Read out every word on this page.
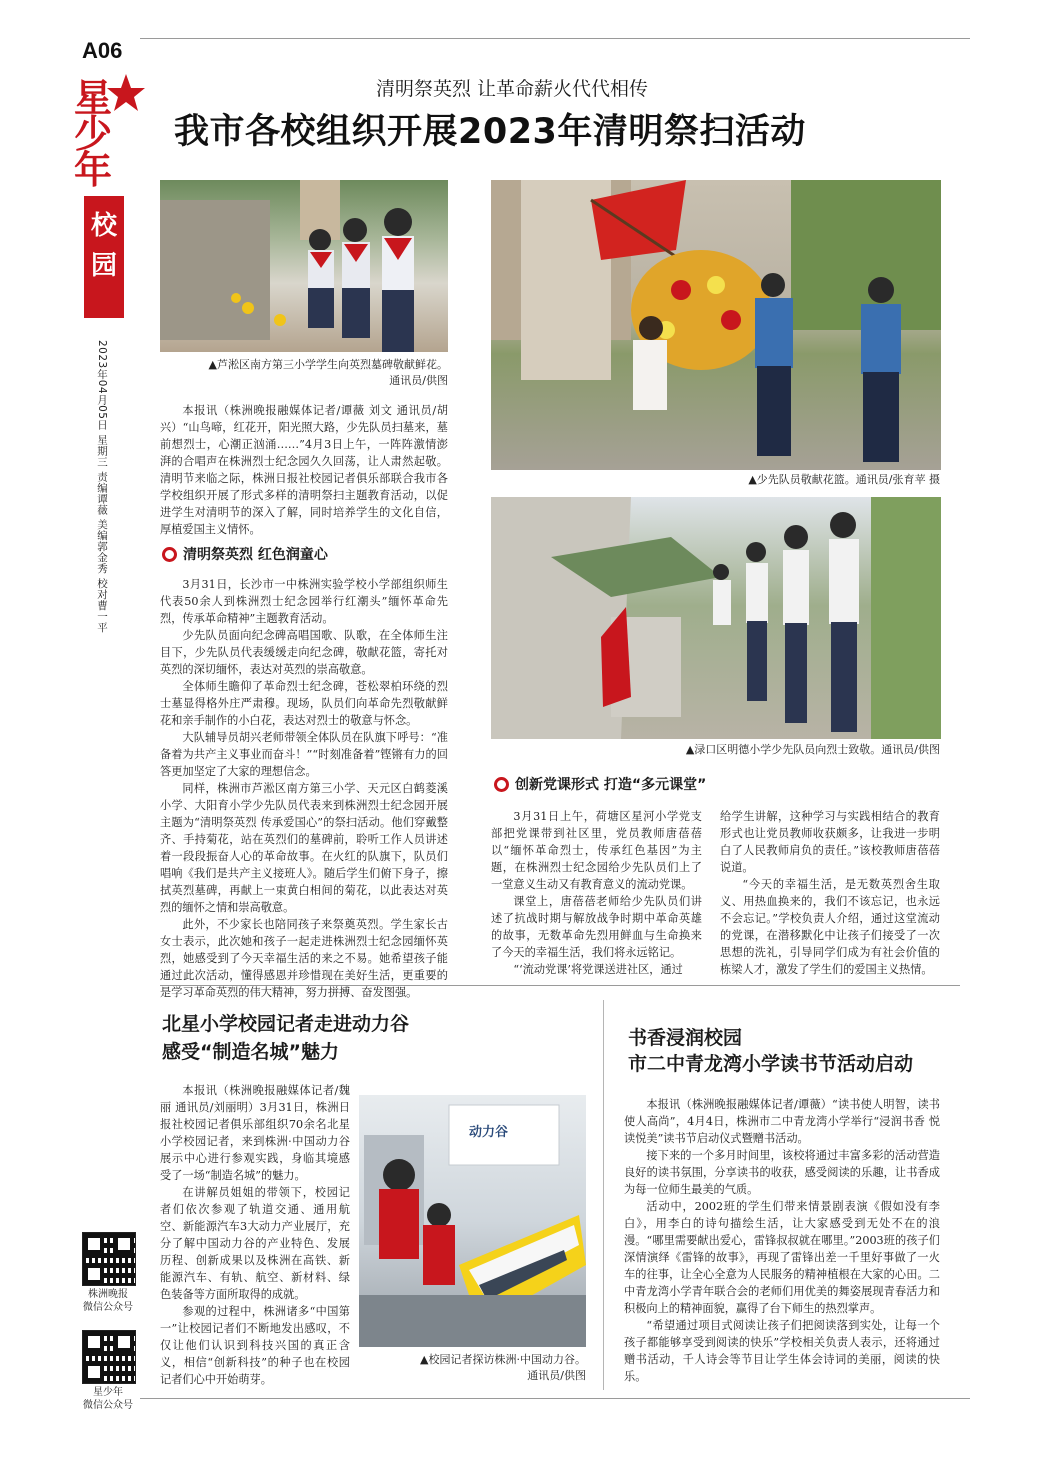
A06
星少年
校园
2023年04月05日 星期三 责编谭薇 美编郭金秀 校对曹一平
株洲晚报
微信公众号
星少年
微信公众号
清明祭英烈 让革命薪火代代相传
我市各校组织开展2023年清明祭扫活动
▲芦淞区南方第三小学学生向英烈墓碑敬献鲜花。
通讯员/供图
▲少先队员敬献花篮。通讯员/张育苹 摄

本报讯（株洲晚报融媒体记者/谭薇 刘文 通讯员/胡兴）“山鸟啼，红花开，阳光照大路，少先队员扫墓来，墓前想烈士，心潮正汹涌……”4月3日上午，一阵阵激情澎湃的合唱声在株洲烈士纪念园久久回荡，让人肃然起敬。清明节来临之际，株洲日报社校园记者俱乐部联合我市各学校组织开展了形式多样的清明祭扫主题教育活动，以促进学生对清明节的深入了解，同时培养学生的文化自信，厚植爱国主义情怀。

清明祭英烈 红色润童心

3月31日，长沙市一中株洲实验学校小学部组织师生代表50余人到株洲烈士纪念园举行红潮头”缅怀革命先烈，传承革命精神”主题教育活动。

少先队员面向纪念碑高唱国歌、队歌，在全体师生注目下，少先队员代表缓缓走向纪念碑，敬献花篮，寄托对英烈的深切缅怀，表达对英烈的崇高敬意。

全体师生瞻仰了革命烈士纪念碑，苍松翠柏环绕的烈士墓显得格外庄严肃穆。现场，队员们向革命先烈敬献鲜花和亲手制作的小白花，表达对烈士的敬意与怀念。

大队辅导员胡兴老师带领全体队员在队旗下呼号：“准备着为共产主义事业而奋斗！”“时刻准备着”铿锵有力的回答更加坚定了大家的理想信念。

同样，株洲市芦淞区南方第三小学、天元区白鹤菱溪小学、大阳育小学少先队员代表来到株洲烈士纪念园开展主题为“清明祭英烈 传承爱国心”的祭扫活动。他们穿戴整齐、手持菊花，站在英烈们的墓碑前，聆听工作人员讲述着一段段振奋人心的革命故事。在火红的队旗下，队员们唱响《我们是共产主义接班人》。随后学生们俯下身子，擦拭英烈墓碑，再献上一束黄白相间的菊花，以此表达对英烈的缅怀之情和崇高敬意。

此外，不少家长也陪同孩子来祭奠英烈。学生家长古女士表示，此次她和孩子一起走进株洲烈士纪念园缅怀英烈，她感受到了今天幸福生活的来之不易。她希望孩子能通过此次活动，懂得感恩并珍惜现在美好生活，更重要的是学习革命英烈的伟大精神，努力拼搏、奋发图强。

▲渌口区明德小学少先队员向烈士致敬。通讯员/供图
创新党课形式 打造“多元课堂”

3月31日上午，荷塘区星河小学党支部把党课带到社区里，党员教师唐蓓蓓以“缅怀革命烈士，传承红色基因”为主题，在株洲烈士纪念园给少先队员们上了一堂意义生动又有教育意义的流动党课。

课堂上，唐蓓蓓老师给少先队员们讲述了抗战时期与解放战争时期中革命英雄的故事，无数革命先烈用鲜血与生命换来了今天的幸福生活，我们将永远铭记。

“‘流动党课’将党课送进社区，通过

给学生讲解，这种学习与实践相结合的教育形式也让党员教师收获颇多，让我进一步明白了人民教师肩负的责任。”该校教师唐蓓蓓说道。

“今天的幸福生活，是无数英烈舍生取义、用热血换来的，我们不该忘记，也永远不会忘记。”学校负责人介绍，通过这堂流动的党课，在潜移默化中让孩子们接受了一次思想的洗礼，引导同学们成为有社会价值的栋梁人才，激发了学生们的爱国主义热情。

北星小学校园记者走进动力谷
感受“制造名城”魅力

本报讯（株洲晚报融媒体记者/魏丽 通讯员/刘丽明）3月31日，株洲日报社校园记者俱乐部组织70余名北星小学校园记者，来到株洲·中国动力谷展示中心进行参观实践，身临其境感受了一场“制造名城”的魅力。

在讲解员姐姐的带领下，校园记者们依次参观了轨道交通、通用航空、新能源汽车3大动力产业展厅，充分了解中国动力谷的产业特色、发展历程、创新成果以及株洲在高铁、新能源汽车、有轨、航空、新材料、绿色装备等方面所取得的成就。

参观的过程中，株洲诸多“中国第一”让校园记者们不断地发出感叹，不仅让他们认识到科技兴国的真正含义，相信“创新科技”的种子也在校园记者们心中开始萌芽。

动力谷
▲校园记者探访株洲·中国动力谷。
通讯员/供图
书香浸润校园
市二中青龙湾小学读书节活动启动

本报讯（株洲晚报融媒体记者/谭薇）“读书使人明智，读书使人高尚”，4月4日，株洲市二中青龙湾小学举行“浸润书香 悦读悦美”读书节启动仪式暨赠书活动。

接下来的一个多月时间里，该校将通过丰富多彩的活动营造良好的读书氛围，分享读书的收获，感受阅读的乐趣，让书香成为每一位师生最美的气质。

活动中，2002班的学生们带来情景剧表演《假如没有李白》，用李白的诗句描绘生活，让大家感受到无处不在的浪漫。“哪里需要献出爱心，雷锋叔叔就在哪里。”2003班的孩子们深情演绎《雷锋的故事》，再现了雷锋出差一千里好事做了一火车的往事，让全心全意为人民服务的精神植根在大家的心田。二中青龙湾小学青年联合会的老师们用优美的舞姿展现青春活力和积极向上的精神面貌，赢得了台下师生的热烈掌声。

“希望通过项目式阅读让孩子们把阅读落到实处，让每一个孩子都能够享受到阅读的快乐”学校相关负责人表示，还将通过赠书活动，千人诗会等节目让学生体会诗词的美丽，阅读的快乐。
